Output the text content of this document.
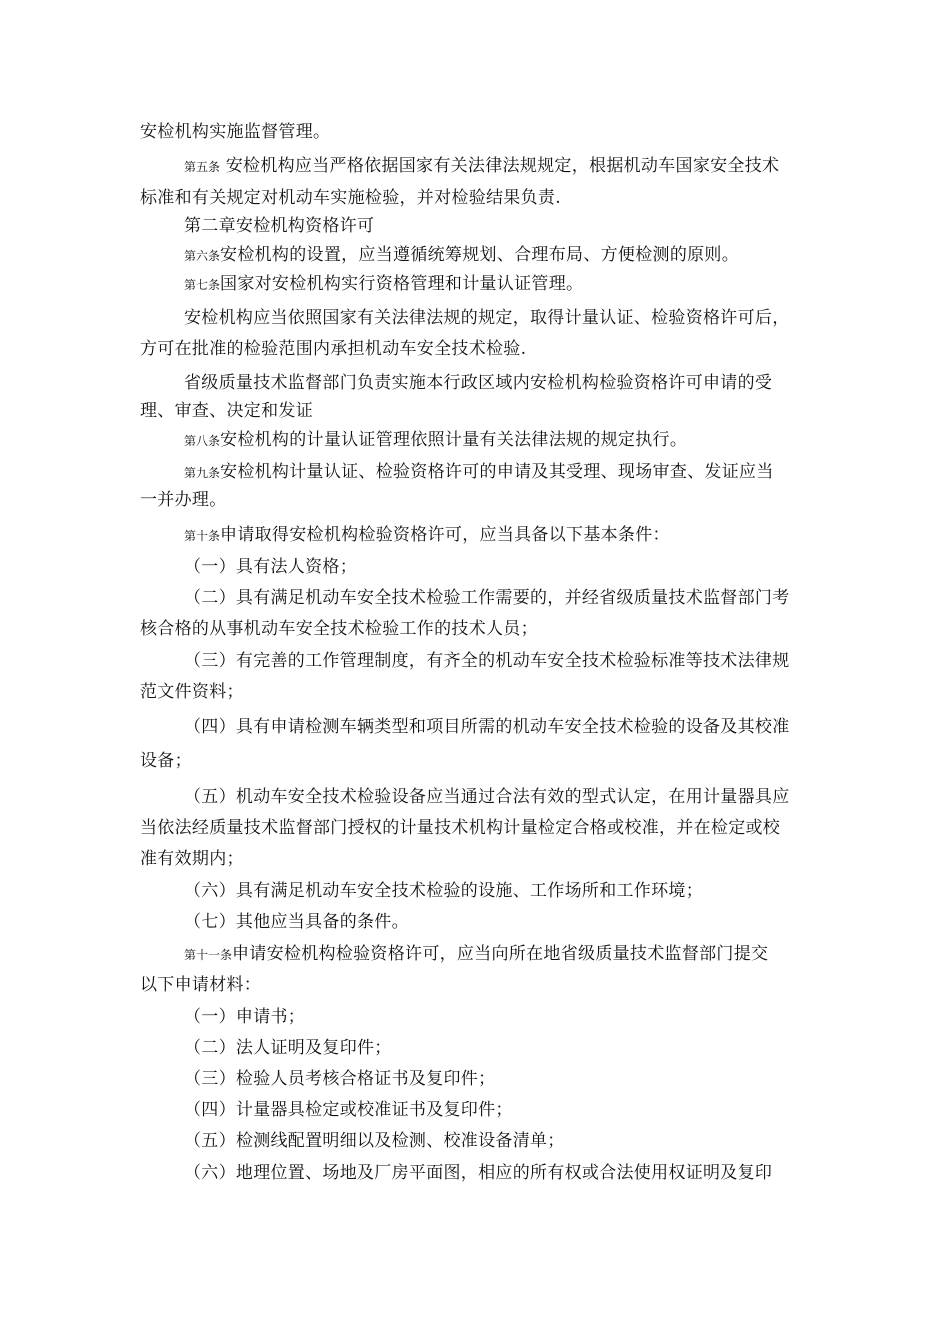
安检机构实施监督管理。
第五条 安检机构应当严格依据国家有关法律法规规定，根据机动车国家安全技术
标准和有关规定对机动车实施检验，并对检验结果负责.
第二章安检机构资格许可
第六条安检机构的设置，应当遵循统筹规划、合理布局、方便检测的原则。
第七条国家对安检机构实行资格管理和计量认证管理。
安检机构应当依照国家有关法律法规的规定，取得计量认证、检验资格许可后，
方可在批准的检验范围内承担机动车安全技术检验.
省级质量技术监督部门负责实施本行政区域内安检机构检验资格许可申请的受
理、审查、决定和发证
第八条安检机构的计量认证管理依照计量有关法律法规的规定执行。
第九条安检机构计量认证、检验资格许可的申请及其受理、现场审查、发证应当
一并办理。
第十条申请取得安检机构检验资格许可，应当具备以下基本条件：
（一）具有法人资格；
（二）具有满足机动车安全技术检验工作需要的，并经省级质量技术监督部门考
核合格的从事机动车安全技术检验工作的技术人员；
（三）有完善的工作管理制度，有齐全的机动车安全技术检验标准等技术法律规
范文件资料；
（四）具有申请检测车辆类型和项目所需的机动车安全技术检验的设备及其校准
设备；
（五）机动车安全技术检验设备应当通过合法有效的型式认定，在用计量器具应
当依法经质量技术监督部门授权的计量技术机构计量检定合格或校准，并在检定或校
准有效期内；
（六）具有满足机动车安全技术检验的设施、工作场所和工作环境；
（七）其他应当具备的条件。
第十一条申请安检机构检验资格许可，应当向所在地省级质量技术监督部门提交
以下申请材料：
（一）申请书；
（二）法人证明及复印件；
（三）检验人员考核合格证书及复印件；
（四）计量器具检定或校准证书及复印件；
（五）检测线配置明细以及检测、校准设备清单；
（六）地理位置、场地及厂房平面图，相应的所有权或合法使用权证明及复印
